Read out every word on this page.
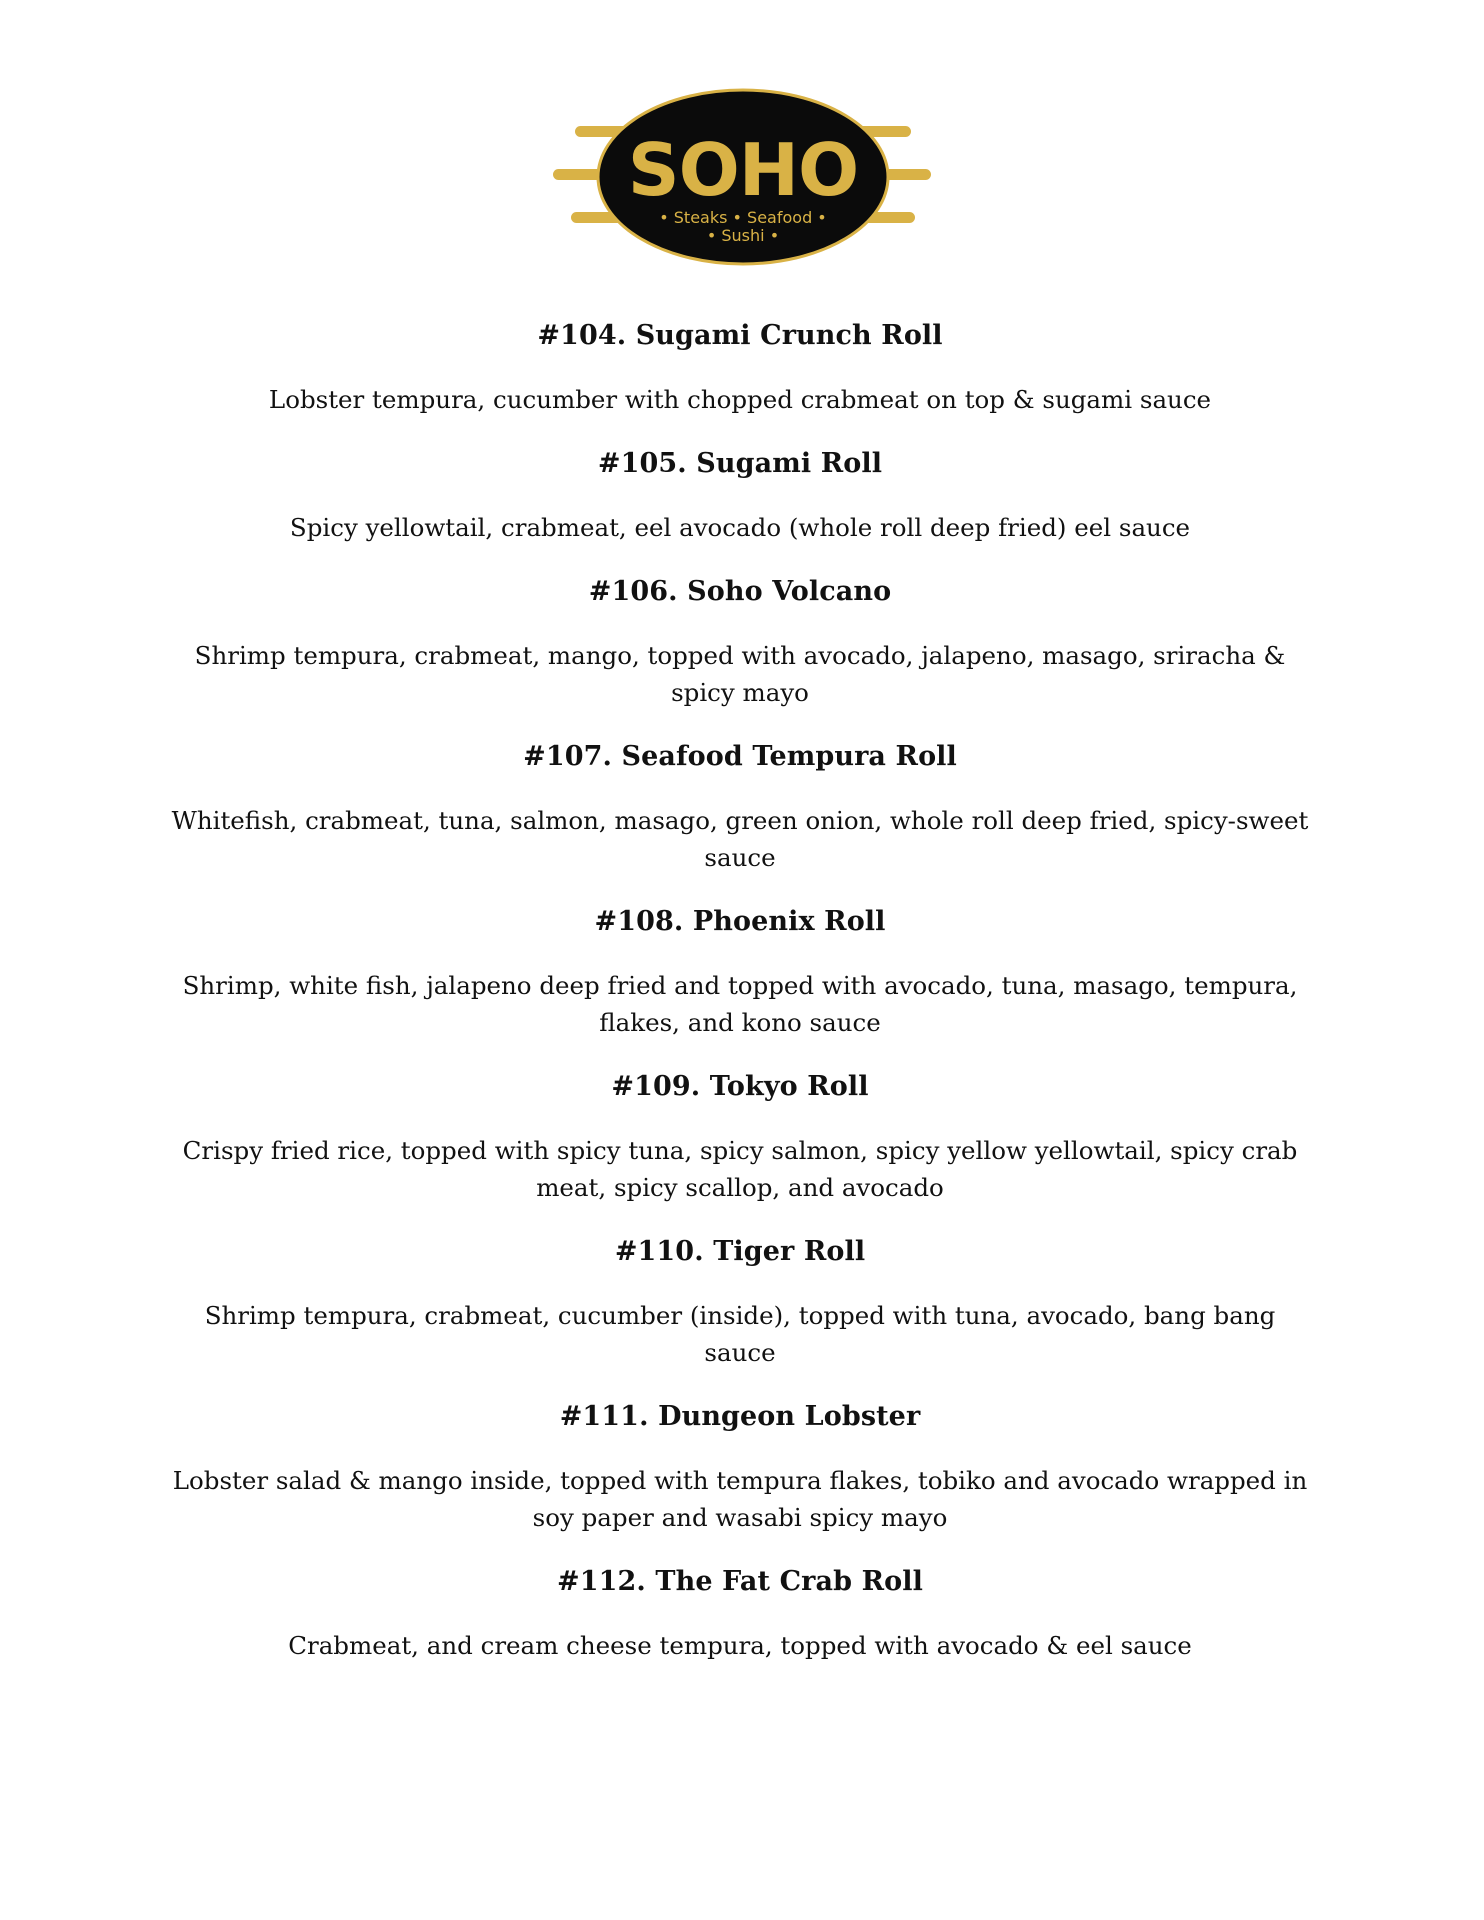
SOHO
• Steaks • Seafood •
• Sushi •
#104. Sugami Crunch Roll

Lobster tempura, cucumber with chopped crabmeat on top & sugami sauce

#105. Sugami Roll

Spicy yellowtail, crabmeat, eel avocado (whole roll deep fried) eel sauce

#106. Soho Volcano

Shrimp tempura, crabmeat, mango, topped with avocado, jalapeno, masago, sriracha & spicy mayo

#107. Seafood Tempura Roll

Whitefish, crabmeat, tuna, salmon, masago, green onion, whole roll deep fried, spicy-sweet sauce

#108. Phoenix Roll

Shrimp, white fish, jalapeno deep fried and topped with avocado, tuna, masago, tempura, flakes, and kono sauce

#109. Tokyo Roll

Crispy fried rice, topped with spicy tuna, spicy salmon, spicy yellow yellowtail, spicy crab meat, spicy scallop, and avocado

#110. Tiger Roll

Shrimp tempura, crabmeat, cucumber (inside), topped with tuna, avocado, bang bang sauce

#111. Dungeon Lobster

Lobster salad & mango inside, topped with tempura flakes, tobiko and avocado wrapped in soy paper and wasabi spicy mayo

#112. The Fat Crab Roll

Crabmeat, and cream cheese tempura, topped with avocado & eel sauce
